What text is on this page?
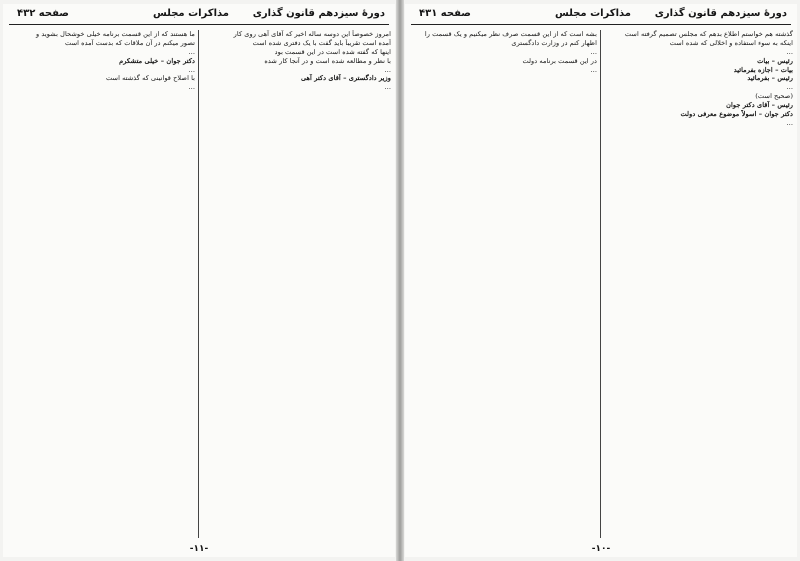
دورهٔ سیزدهم قانون گذاری
مذاکرات مجلس
صفحه ۴۳۲
امروز خصوصاً این دوسه ساله اخیر که آقای آهی روی کار
آمده است تقریباً باید گفت با یک دفتری شده است
اینها که گفته شده است در این قسمت بود
با نظر و مطالعه شده است و در آنجا کار شده
…
وزیر دادگستری – آقای دکتر آهی
…
ما هستند که از این قسمت برنامه خیلی خوشحال بشوید و
تصور میکنم در آن ملاقات که بدست آمده است
…
دکتر جوان – خیلی متشکرم
…
با اصلاح قوانینی که گذشته است
…
-۱۱-
دورهٔ سیزدهم قانون گذاری
مذاکرات مجلس
صفحه ۴۳۱
گذشته هم خواستم اطلاع بدهم که مجلس تصمیم گرفته است
اینکه به سوء استفاده و اخلالی که شده است
…
رئیس – بیات
بیات – اجازه بفرمائید
رئیس – بفرمائید
…
(صحیح است)
رئیس – آقای دکتر جوان
دکتر جوان – اسولاً موضوع معرفی دولت
…
بشه است که از این قسمت صرف نظر میکنیم و یک قسمت را
اظهار کنم در وزارت دادگستری
…
در این قسمت برنامه دولت
…
-۱۰-
